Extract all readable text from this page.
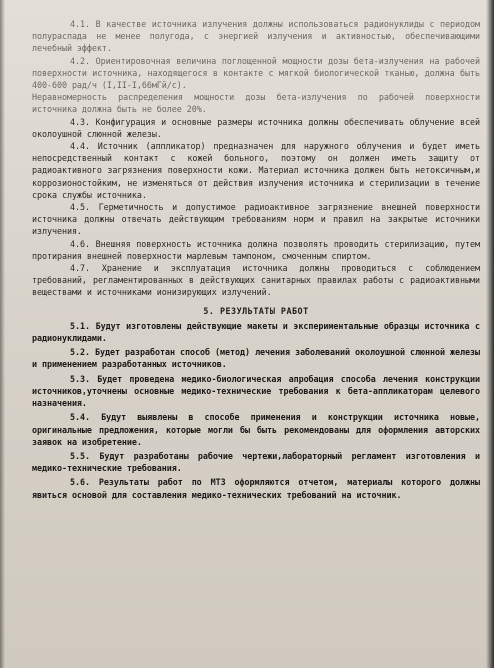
4.1. В качестве источника излучения должны использоваться радионуклиды с периодом полураспада не менее полугода, с энергией излучения и активностью, обеспечивающими лечебный эффект.

4.2. Ориентировочная величина поглощенной мощности дозы бета-излучения на рабочей поверхности источника, находящегося в контакте с мягкой биологической тканью, должна быть 400-600 рад/ч (I,II-I,66мГй/с).

Неравномерность распределения мощности дозы бета-излучения по рабочей поверхности источника должна быть не более 20%.

4.3. Конфигурация и основные размеры источника должны обеспечивать облучение всей околоушной слюнной железы.

4.4. Источник (аппликатор) предназначен для наружного облучения и будет иметь непосредственный контакт с кожей больного, поэтому он должен иметь защиту от радиоактивного загрязнения поверхности кожи. Материал источника должен быть нетоксичным,и коррозионостойким, не изменяться от действия излучения источника и стерилизации в течение срока службы источника.

4.5. Герметичность и допустимое радиоактивное загрязнение внешней поверхности источника должны отвечать действующим требованиям норм и правил на закрытые источники излучения.

4.6. Внешняя поверхность источника должна позволять проводить стерилизацию, путем протирания внешней поверхности марлевым тампоном, смоченным спиртом.

4.7. Хранение и эксплуатация источника должны проводиться с соблюдением требований, регламентированных в действующих санитарных правилах работы с радиоактивными веществами и источниками ионизирующих излучений.

5. РЕЗУЛЬТАТЫ РАБОТ

5.1. Будут изготовлены действующие макеты и экспериментальные образцы источника с радионуклидами.

5.2. Будет разработан способ (метод) лечения заболеваний околоушной слюнной железы и применением разработанных источников.

5.3. Будет проведена медико-биологическая апробация способа лечения конструкции источников,уточнены основные медико-технические требования к бета-аппликаторам целевого назначения.

5.4. Будут выявлены в способе применения и конструкции источника новые, оригинальные предложения, которые могли бы быть рекомендованы для оформления авторских заявок на изобретение.

5.5. Будут разработаны рабочие чертежи,лабораторный регламент изготовления и медико-технические требования.

5.6. Результаты работ по МТЗ оформляются отчетом, материалы которого должны явиться основой для составления медико-технических требований на источник.
